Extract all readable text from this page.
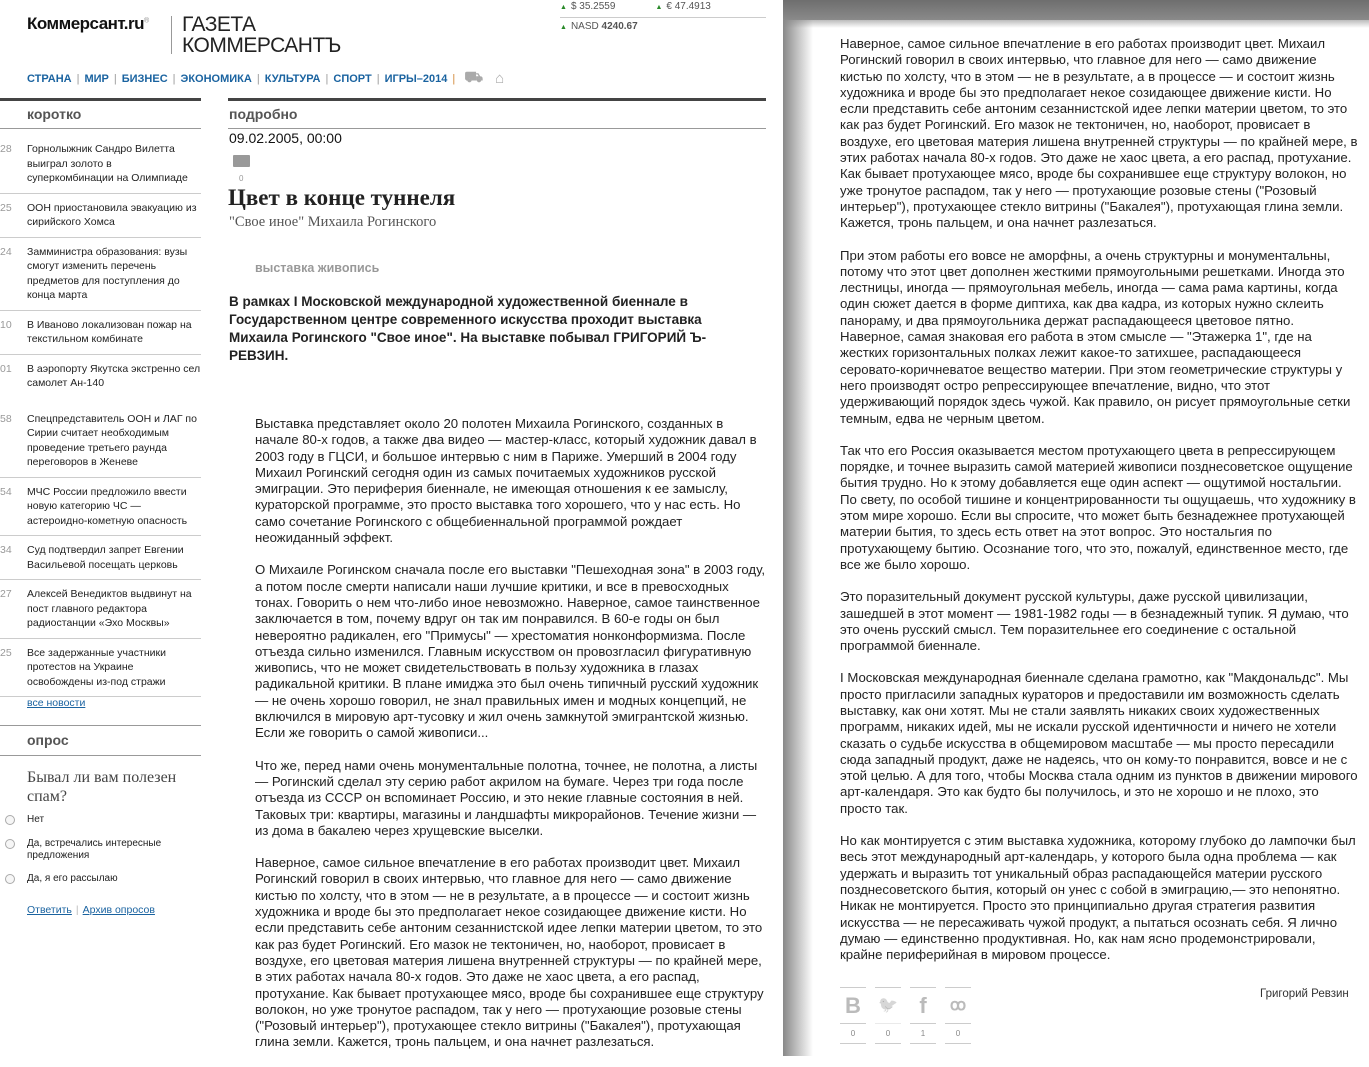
Коммерсант.ru® ГАЗЕТА
КОММЕРСАНТЪ
▲ $ 35.2559	▲ € 47.4913
▲ NASD 4240.67
СТРАНА | МИР | БИЗНЕС | ЭКОНОМИКА | КУЛЬТУРА | СПОРТ | ИГРЫ–2014 | ⛟ ⌂
коротко	подробно
28	Горнолыжник Сандро Вилетта выиграл золото в суперкомбинации на Олимпиаде
25	ООН приостановила эвакуацию из сирийского Хомса
24	Замминистра образования: вузы смогут изменить перечень предметов для поступления до конца марта
10	В Иваново локализован пожар на текстильном комбинате
01	В аэропорту Якутска экстренно сел самолет Ан-140
58	Спецпредставитель ООН и ЛАГ по Сирии считает необходимым проведение третьего раунда переговоров в Женеве
54	МЧС России предложило ввести новую категорию ЧС — астероидно-кометную опасность
34	Суд подтвердил запрет Евгении Васильевой посещать церковь
27	Алексей Венедиктов выдвинут на пост главного редактора радиостанции «Эхо Москвы»
25	Все задержанные участники протестов на Украине освобождены из-под стражи
все новости
опрос
Бывал ли вам полезен спам?
Нет
Да, встречались интересные предложения
Да, я его рассылаю
Ответить | Архив опросов
09.02.2005, 00:00
0
Цвет в конце туннеля
"Свое иное" Михаила Рогинского
выставка живопись
В рамках I Московской международной художественной биеннале в Государственном центре современного искусства проходит выставка Михаила Рогинского "Свое иное". На выставке побывал ГРИГОРИЙ Ъ-РЕВЗИН.

Выставка представляет около 20 полотен Михаила Рогинского, созданных в начале 80-х годов, а также два видео — мастер-класс, который художник давал в 2003 году в ГЦСИ, и большое интервью с ним в Париже. Умерший в 2004 году Михаил Рогинский сегодня один из самых почитаемых художников русской эмиграции. Это периферия биеннале, не имеющая отношения к ее замыслу, кураторской программе, это просто выставка того хорошего, что у нас есть. Но само сочетание Рогинского с общебиеннальной программой рождает неожиданный эффект.

О Михаиле Рогинском сначала после его выставки "Пешеходная зона" в 2003 году, а потом после смерти написали наши лучшие критики, и все в превосходных тонах. Говорить о нем что-либо иное невозможно. Наверное, самое таинственное заключается в том, почему вдруг он так им понравился. В 60-е годы он был невероятно радикален, его "Примусы" — хрестоматия нонконформизма. После отъезда сильно изменился. Главным искусством он провозгласил фигуративную живопись, что не может свидетельствовать в пользу художника в глазах радикальной критики. В плане имиджа это был очень типичный русский художник — не очень хорошо говорил, не знал правильных имен и модных концепций, не включился в мировую арт-тусовку и жил очень замкнутой эмигрантской жизнью. Если же говорить о самой живописи...

Что же, перед нами очень монументальные полотна, точнее, не полотна, а листы — Рогинский сделал эту серию работ акрилом на бумаге. Через три года после отъезда из СССР он вспоминает Россию, и это некие главные состояния в ней. Таковых три: квартиры, магазины и ландшафты микрорайонов. Течение жизни — из дома в бакалею через хрущевские выселки.

Наверное, самое сильное впечатление в его работах производит цвет. Михаил Рогинский говорил в своих интервью, что главное для него — само движение кистью по холсту, что в этом — не в результате, а в процессе — и состоит жизнь художника и вроде бы это предполагает некое созидающее движение кисти. Но если представить себе антоним сезаннистской идее лепки материи цветом, то это как раз будет Рогинский. Его мазок не тектоничен, но, наоборот, провисает в воздухе, его цветовая материя лишена внутренней структуры — по крайней мере, в этих работах начала 80-х годов. Это даже не хаос цвета, а его распад, протухание. Как бывает протухающее мясо, вроде бы сохранившее еще структуру волокон, но уже тронутое распадом, так у него — протухающие розовые стены ("Розовый интерьер"), протухающее стекло витрины ("Бакалея"), протухающая глина земли. Кажется, тронь пальцем, и она начнет разлезаться.

Наверное, самое сильное впечатление в его работах производит цвет. Михаил Рогинский говорил в своих интервью, что главное для него — само движение кистью по холсту, что в этом — не в результате, а в процессе — и состоит жизнь художника и вроде бы это предполагает некое созидающее движение кисти. Но если представить себе антоним сезаннистской идее лепки материи цветом, то это как раз будет Рогинский. Его мазок не тектоничен, но, наоборот, провисает в воздухе, его цветовая материя лишена внутренней структуры — по крайней мере, в этих работах начала 80-х годов. Это даже не хаос цвета, а его распад, протухание. Как бывает протухающее мясо, вроде бы сохранившее еще структуру волокон, но уже тронутое распадом, так у него — протухающие розовые стены ("Розовый интерьер"), протухающее стекло витрины ("Бакалея"), протухающая глина земли. Кажется, тронь пальцем, и она начнет разлезаться.

При этом работы его вовсе не аморфны, а очень структурны и монументальны, потому что этот цвет дополнен жесткими прямоугольными решетками. Иногда это лестницы, иногда — прямоугольная мебель, иногда — сама рама картины, когда один сюжет дается в форме диптиха, как два кадра, из которых нужно склеить панораму, и два прямоугольника держат распадающееся цветовое пятно. Наверное, самая знаковая его работа в этом смысле — "Этажерка 1", где на жестких горизонтальных полках лежит какое-то затихшее, распадающееся серовато-коричневатое вещество материи. При этом геометрические структуры у него производят остро репрессирующее впечатление, видно, что этот удерживающий порядок здесь чужой. Как правило, он рисует прямоугольные сетки темным, едва не черным цветом.

Так что его Россия оказывается местом протухающего цвета в репрессирующем порядке, и точнее выразить самой материей живописи позднесоветское ощущение бытия трудно. Но к этому добавляется еще один аспект — ощутимой ностальгии. По свету, по особой тишине и концентрированности ты ощущаешь, что художнику в этом мире хорошо. Если вы спросите, что может быть безнадежнее протухающей материи бытия, то здесь есть ответ на этот вопрос. Это ностальгия по протухающему бытию. Осознание того, что это, пожалуй, единственное место, где все же было хорошо.

Это поразительный документ русской культуры, даже русской цивилизации, зашедшей в этот момент — 1981-1982 годы — в безнадежный тупик. Я думаю, что это очень русский смысл. Тем поразительнее его соединение с остальной программой биеннале.

I Московская международная биеннале сделана грамотно, как "Макдональдс". Мы просто пригласили западных кураторов и предоставили им возможность сделать выставку, как они хотят. Мы не стали заявлять никаких своих художественных программ, никаких идей, мы не искали русской идентичности и ничего не хотели сказать о судьбе искусства в общемировом масштабе — мы просто пересадили сюда западный продукт, даже не надеясь, что он кому-то понравится, вовсе и не с этой целью. А для того, чтобы Москва стала одним из пунктов в движении мирового арт-календаря. Это как будто бы получилось, и это не хорошо и не плохо, это просто так.

Но как монтируется с этим выставка художника, которому глубоко до лампочки был весь этот международный арт-календарь, у которого была одна проблема — как удержать и выразить тот уникальный образ распадающейся материи русского позднесоветского бытия, который он унес с собой в эмиграцию,— это непонятно. Никак не монтируется. Просто это принципиально другая стратегия развития искусства — не пересаживать чужой продукт, а пытаться осознать себя. Я лично думаю — единственно продуктивная. Но, как нам ясно продемонстрировали, крайне периферийная в мировом процессе.

B
0
🐦
0
f
1
ꝏ
0
Григорий Ревзин
